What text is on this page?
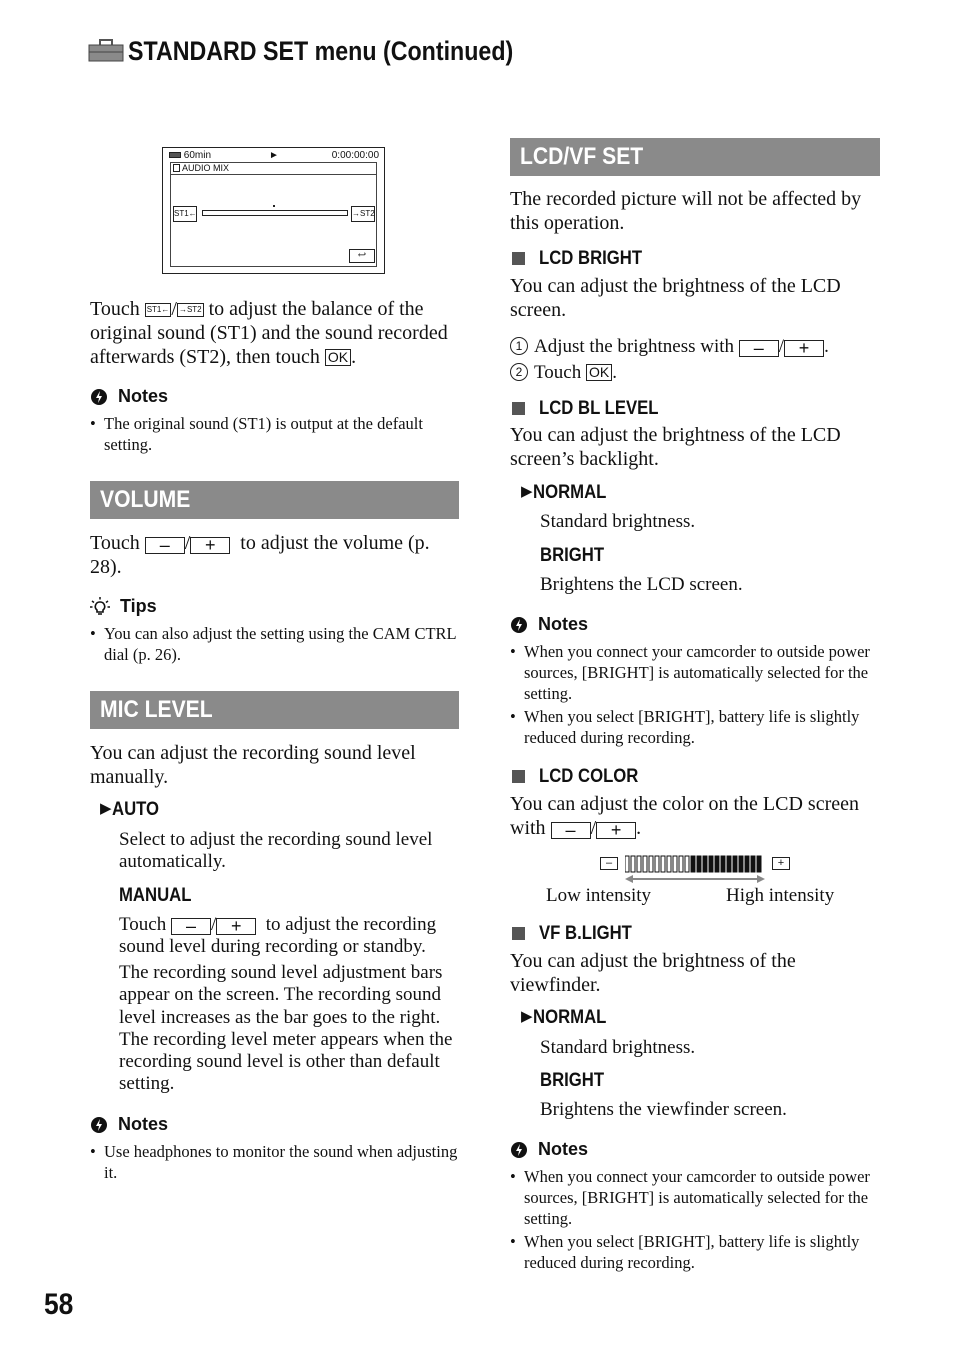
STANDARD SET menu (Continued)
60min	►	0:00:00:00
AUDIO MIX
ST1←	→ST2
↩
Touch ST1← / →ST2 to adjust the balance of the original sound (ST1) and the sound recorded afterwards (ST2), then touch OK .
Notes
• The original sound (ST1) is output at the default setting.
VOLUME
Touch – / + to adjust the volume (p. 28).
Tips
• You can also adjust the setting using the CAM CTRL dial (p. 26).
MIC LEVEL
You can adjust the recording sound level manually.
▶AUTO
Select to adjust the recording sound level automatically.
MANUAL
Touch – / + to adjust the recording sound level during recording or standby.
The recording sound level adjustment bars appear on the screen. The recording sound level increases as the bar goes to the right. The recording level meter appears when the recording sound level is other than default setting.
Notes
• Use headphones to monitor the sound when adjusting it.
LCD/VF SET
The recorded picture will not be affected by this operation.
LCD BRIGHT
You can adjust the brightness of the LCD screen.
1 Adjust the brightness with – / + .
2 Touch OK .
LCD BL LEVEL
You can adjust the brightness of the LCD screen’s backlight.
▶NORMAL
Standard brightness.
BRIGHT
Brightens the LCD screen.
Notes
• When you connect your camcorder to outside power sources, [BRIGHT] is automatically selected for the setting.
• When you select [BRIGHT], battery life is slightly reduced during recording.
LCD COLOR
You can adjust the color on the LCD screen with – / + .
–	+
Low intensity	High intensity
VF B.LIGHT
You can adjust the brightness of the viewfinder.
▶NORMAL
Standard brightness.
BRIGHT
Brightens the viewfinder screen.
Notes
• When you connect your camcorder to outside power sources, [BRIGHT] is automatically selected for the setting.
• When you select [BRIGHT], battery life is slightly reduced during recording.
58
